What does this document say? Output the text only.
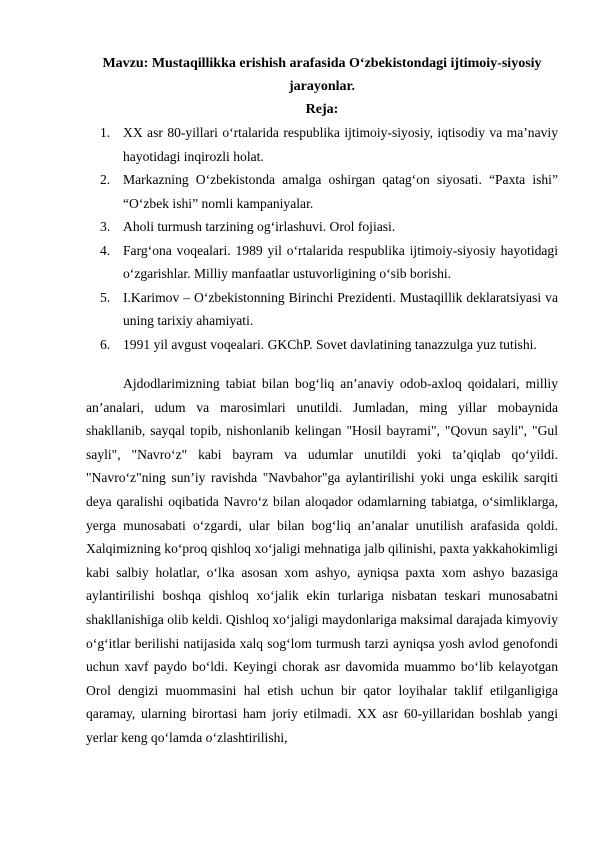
Mavzu: Mustaqillikka erishish arafasida O‘zbekistondagi ijtimoiy-siyosiy
jarayonlar.

Reja:

1. XX asr 80-yillari o‘rtalarida respublika ijtimoiy-siyosiy, iqtisodiy va ma’naviy hayotidagi inqirozli holat.
2. Markazning O‘zbekistonda amalga oshirgan qatag‘on siyosati. “Paxta ishi” “O‘zbek ishi” nomli kampaniyalar.
3. Aholi turmush tarzining og‘irlashuvi. Orol fojiasi.
4. Farg‘ona voqealari. 1989 yil o‘rtalarida respublika ijtimoiy-siyosiy hayotidagi o‘zgarishlar. Milliy manfaatlar ustuvorligining o‘sib borishi.
5. I.Karimov – O‘zbekistonning Birinchi Prezidenti. Mustaqillik deklaratsiyasi va uning tarixiy ahamiyati.
6. 1991 yil avgust voqealari. GKChP. Sovet davlatining tanazzulga yuz tutishi.

Ajdodlarimizning tabiat bilan bog‘liq an’anaviy odob-axloq qoidalari, milliy an’analari, udum va marosimlari unutildi. Jumladan, ming yillar mobaynida shakllanib, sayqal topib, nishonlanib kelingan "Hosil bayrami", "Qovun sayli", "Gul sayli", "Navro‘z" kabi bayram va udumlar unutildi yoki ta’qiqlab qo‘yildi. "Navro‘z"ning sun’iy ravishda "Navbahor"ga aylantirilishi yoki unga eskilik sarqiti deya qaralishi oqibatida Navro‘z bilan aloqador odamlarning tabiatga, o‘simliklarga, yerga munosabati o‘zgardi, ular bilan bog‘liq an’analar unutilish arafasida qoldi. Xalqimizning ko‘proq qishloq xo‘jaligi mehnatiga jalb qilinishi, paxta yakkahokimligi kabi salbiy holatlar, o‘lka asosan xom ashyo, ayniqsa paxta xom ashyo bazasiga aylantirilishi boshqa qishloq xo‘jalik ekin turlariga nisbatan teskari munosabatni shakllanishiga olib keldi. Qishloq xo‘jaligi maydonlariga maksimal darajada kimyoviy o‘g‘itlar berilishi natijasida xalq sog‘lom turmush tarzi ayniqsa yosh avlod genofondi uchun xavf paydo bo‘ldi. Keyingi chorak asr davomida muammo bo‘lib kelayotgan Orol dengizi muommasini hal etish uchun bir qator loyihalar taklif etilganligiga qaramay, ularning birortasi ham joriy etilmadi. XX asr 60-yillaridan boshlab yangi yerlar keng qo‘lamda o‘zlashtirilishi,
